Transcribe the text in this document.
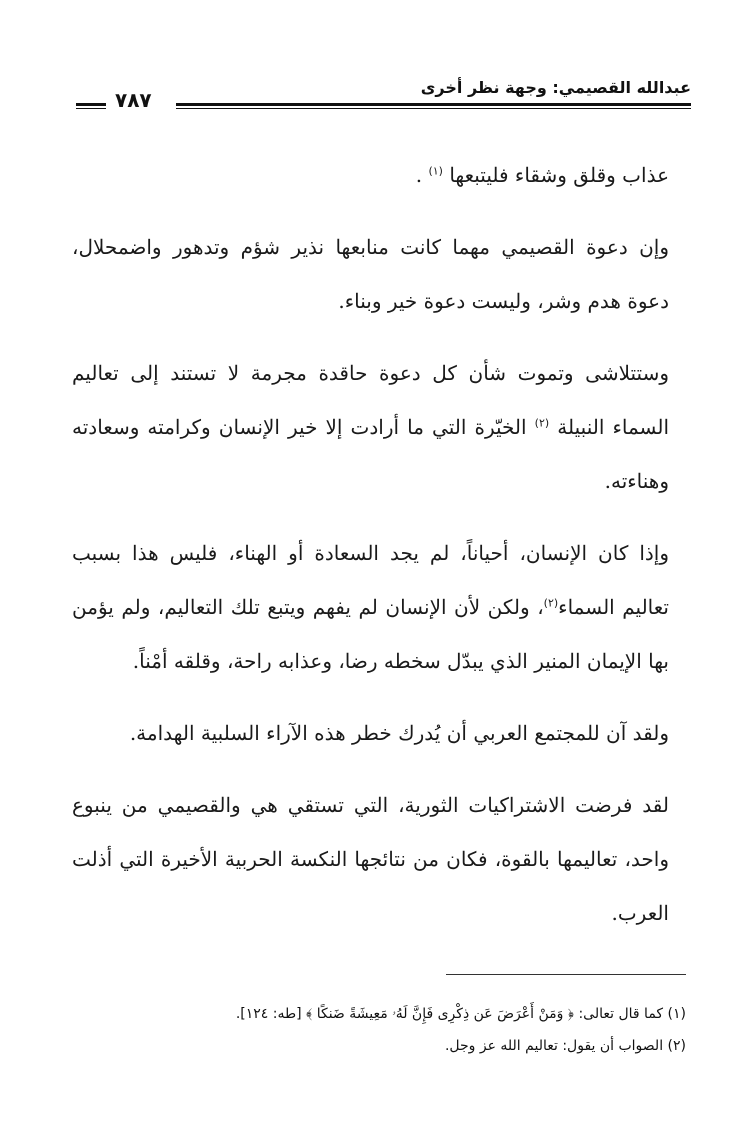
عبدالله القصيمي: وجهة نظر أخرى
٧٨٧

عذاب وقلق وشقاء فليتبعها $^{(١)}$ .

وإن دعوة القصيمي مهما كانت منابعها نذير شؤم وتدهور واضمحلال، دعوة هدم وشر، وليست دعوة خير وبناء.

وستتلاشى وتموت شأن كل دعوة حاقدة مجرمة لا تستند إلى تعاليم السماء النبيلة $^{(٢)}$ الخيّرة التي ما أرادت إلا خير الإنسان وكرامته وسعادته وهناءته.

وإذا كان الإنسان، أحياناً، لم يجد السعادة أو الهناء، فليس هذا بسبب تعاليم السماء$^{(٢)}$، ولكن لأن الإنسان لم يفهم ويتبع تلك التعاليم، ولم يؤمن بها الإيمان المنير الذي يبدّل سخطه رضا، وعذابه راحة، وقلقه أمْناً.

ولقد آن للمجتمع العربي أن يُدرك خطر هذه الآراء السلبية الهدامة.

لقد فرضت الاشتراكيات الثورية، التي تستقي هي والقصيمي من ينبوع واحد، تعاليمها بالقوة، فكان من نتائجها النكسة الحربية الأخيرة التي أذلت العرب.

(١) كما قال تعالى: ﴿ وَمَنْ أَعْرَضَ عَن ذِكْرِى فَإِنَّ لَهُۥ مَعِيشَةً ضَنكًا ﴾ [طه: ١٢٤].

(٢) الصواب أن يقول: تعاليم الله عز وجل.
